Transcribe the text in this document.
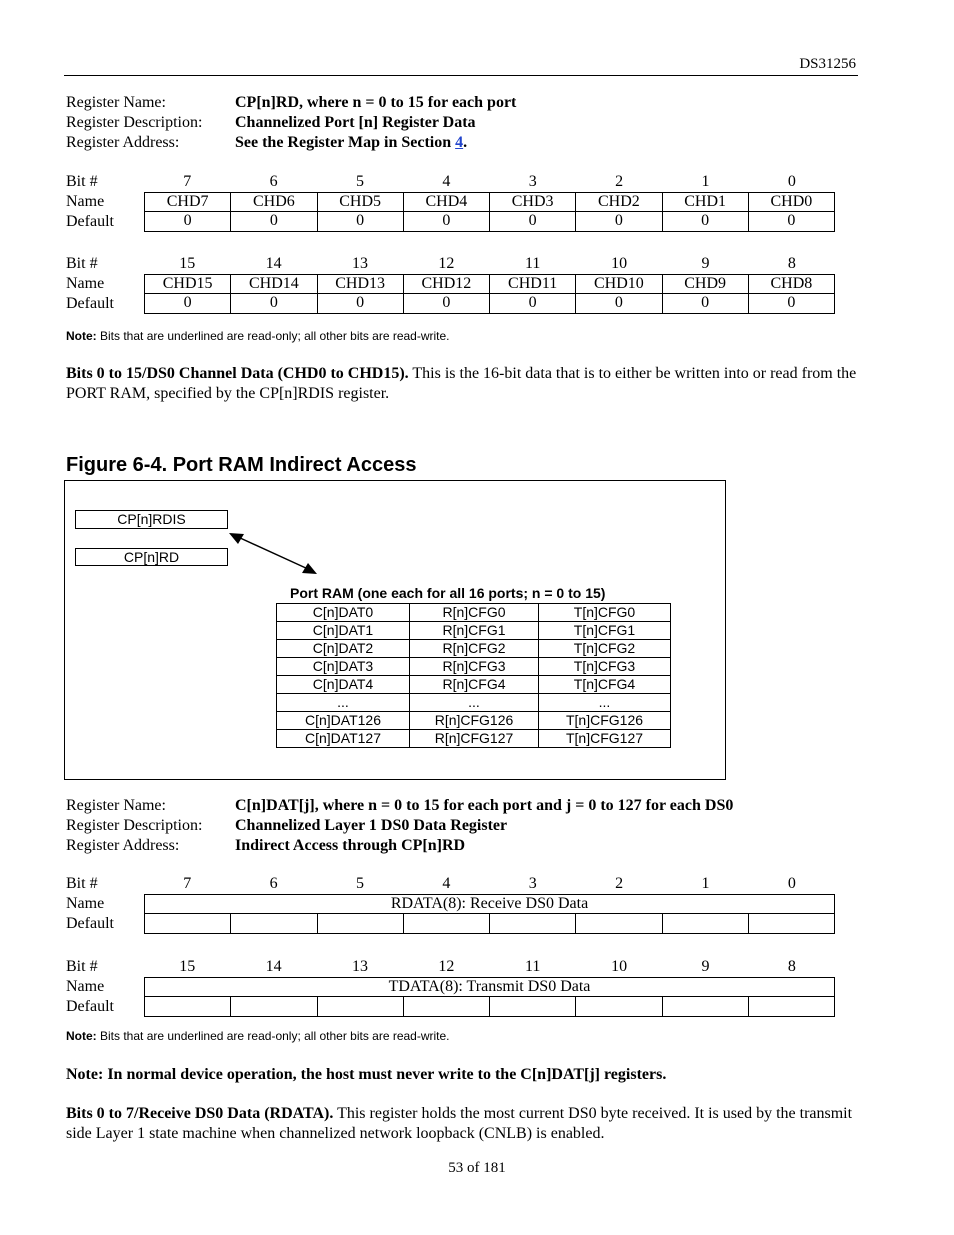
DS31256
Register Name:	CP[n]RD, where n = 0 to 15 for each port
Register Description: Channelized Port [n] Register Data
Register Address:	See the Register Map in Section 4.
Bit #	7	6	5	4	3	2	1	0
Name	CHD7	CHD6	CHD5	CHD4	CHD3	CHD2	CHD1	CHD0
Default	0	0	0	0	0	0	0	0
Bit #	15	14	13	12	11	10	9	8
Name	CHD15	CHD14	CHD13	CHD12	CHD11	CHD10	CHD9	CHD8
Default	0	0	0	0	0	0	0	0
Note: Bits that are underlined are read-only; all other bits are read-write.
Bits 0 to 15/DS0 Channel Data (CHD0 to CHD15). This is the 16-bit data that is to either be written into or read from the PORT RAM, specified by the CP[n]RDIS register.
Figure 6-4. Port RAM Indirect Access
CP[n]RDIS
CP[n]RD
Port RAM (one each for all 16 ports; n = 0 to 15)
C[n]DAT0	R[n]CFG0	T[n]CFG0
C[n]DAT1	R[n]CFG1	T[n]CFG1
C[n]DAT2	R[n]CFG2	T[n]CFG2
C[n]DAT3	R[n]CFG3	T[n]CFG3
C[n]DAT4	R[n]CFG4	T[n]CFG4
...	...	...
C[n]DAT126	R[n]CFG126	T[n]CFG126
C[n]DAT127	R[n]CFG127	T[n]CFG127
Register Name:	C[n]DAT[j], where n = 0 to 15 for each port and j = 0 to 127 for each DS0
Register Description: Channelized Layer 1 DS0 Data Register
Register Address:	Indirect Access through CP[n]RD
Bit #	7	6	5	4	3	2	1	0
Name	RDATA(8): Receive DS0 Data
Default
Bit #	15	14	13	12	11	10	9	8
Name	TDATA(8): Transmit DS0 Data
Default
Note: Bits that are underlined are read-only; all other bits are read-write.
Note: In normal device operation, the host must never write to the C[n]DAT[j] registers.
Bits 0 to 7/Receive DS0 Data (RDATA). This register holds the most current DS0 byte received. It is used by the transmit side Layer 1 state machine when channelized network loopback (CNLB) is enabled.
53 of 181
